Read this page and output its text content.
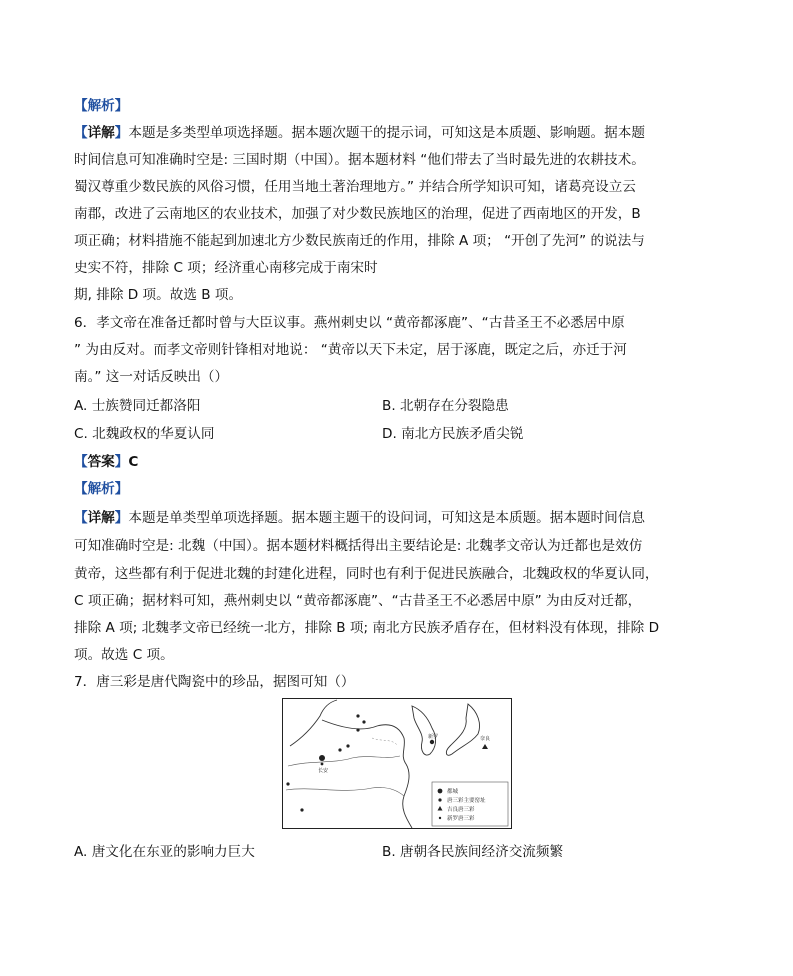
【解析】
【详解】本题是多类型单项选择题。据本题次题干的提示词，可知这是本质题、影响题。据本题
时间信息可知准确时空是: 三国时期（中国）。据本题材料 “他们带去了当时最先进的农耕技术。
蜀汉尊重少数民族的风俗习惯，任用当地土著治理地方。” 并结合所学知识可知，诸葛亮设立云
南郡，改进了云南地区的农业技术，加强了对少数民族地区的治理，促进了西南地区的开发，B
项正确；材料措施不能起到加速北方少数民族南迁的作用，排除 A 项； “开创了先河” 的说法与
史实不符，排除 C 项；经济重心南移完成于南宋时
期, 排除 D 项。故选 B 项。
6．孝文帝在准备迁都时曾与大臣议事。燕州刺史以 “黄帝都涿鹿”、“古昔圣王不必悉居中原
” 为由反对。而孝文帝则针锋相对地说： “黄帝以天下未定，居于涿鹿，既定之后，亦迁于河
南。” 这一对话反映出（）
A. 士族赞同迁都洛阳	B. 北朝存在分裂隐患
C. 北魏政权的华夏认同	D. 南北方民族矛盾尖锐
【答案】C
【解析】
【详解】本题是单类型单项选择题。据本题主题干的设问词，可知这是本质题。据本题时间信息
可知准确时空是: 北魏（中国）。据本题材料概括得出主要结论是: 北魏孝文帝认为迁都也是效仿
黄帝，这些都有利于促进北魏的封建化进程，同时也有利于促进民族融合，北魏政权的华夏认同，
C 项正确；据材料可知，燕州刺史以 “黄帝都涿鹿”、“古昔圣王不必悉居中原” 为由反对迁都，
排除 A 项; 北魏孝文帝已经统一北方，排除 B 项; 南北方民族矛盾存在，但材料没有体现，排除 D
项。故选 C 项。
7．唐三彩是唐代陶瓷中的珍品，据图可知（）
长安
新罗	奈良
都城
唐三彩主要窑址
吉良唐三彩
新罗唐三彩
A. 唐文化在东亚的影响力巨大	B. 唐朝各民族间经济交流频繁
